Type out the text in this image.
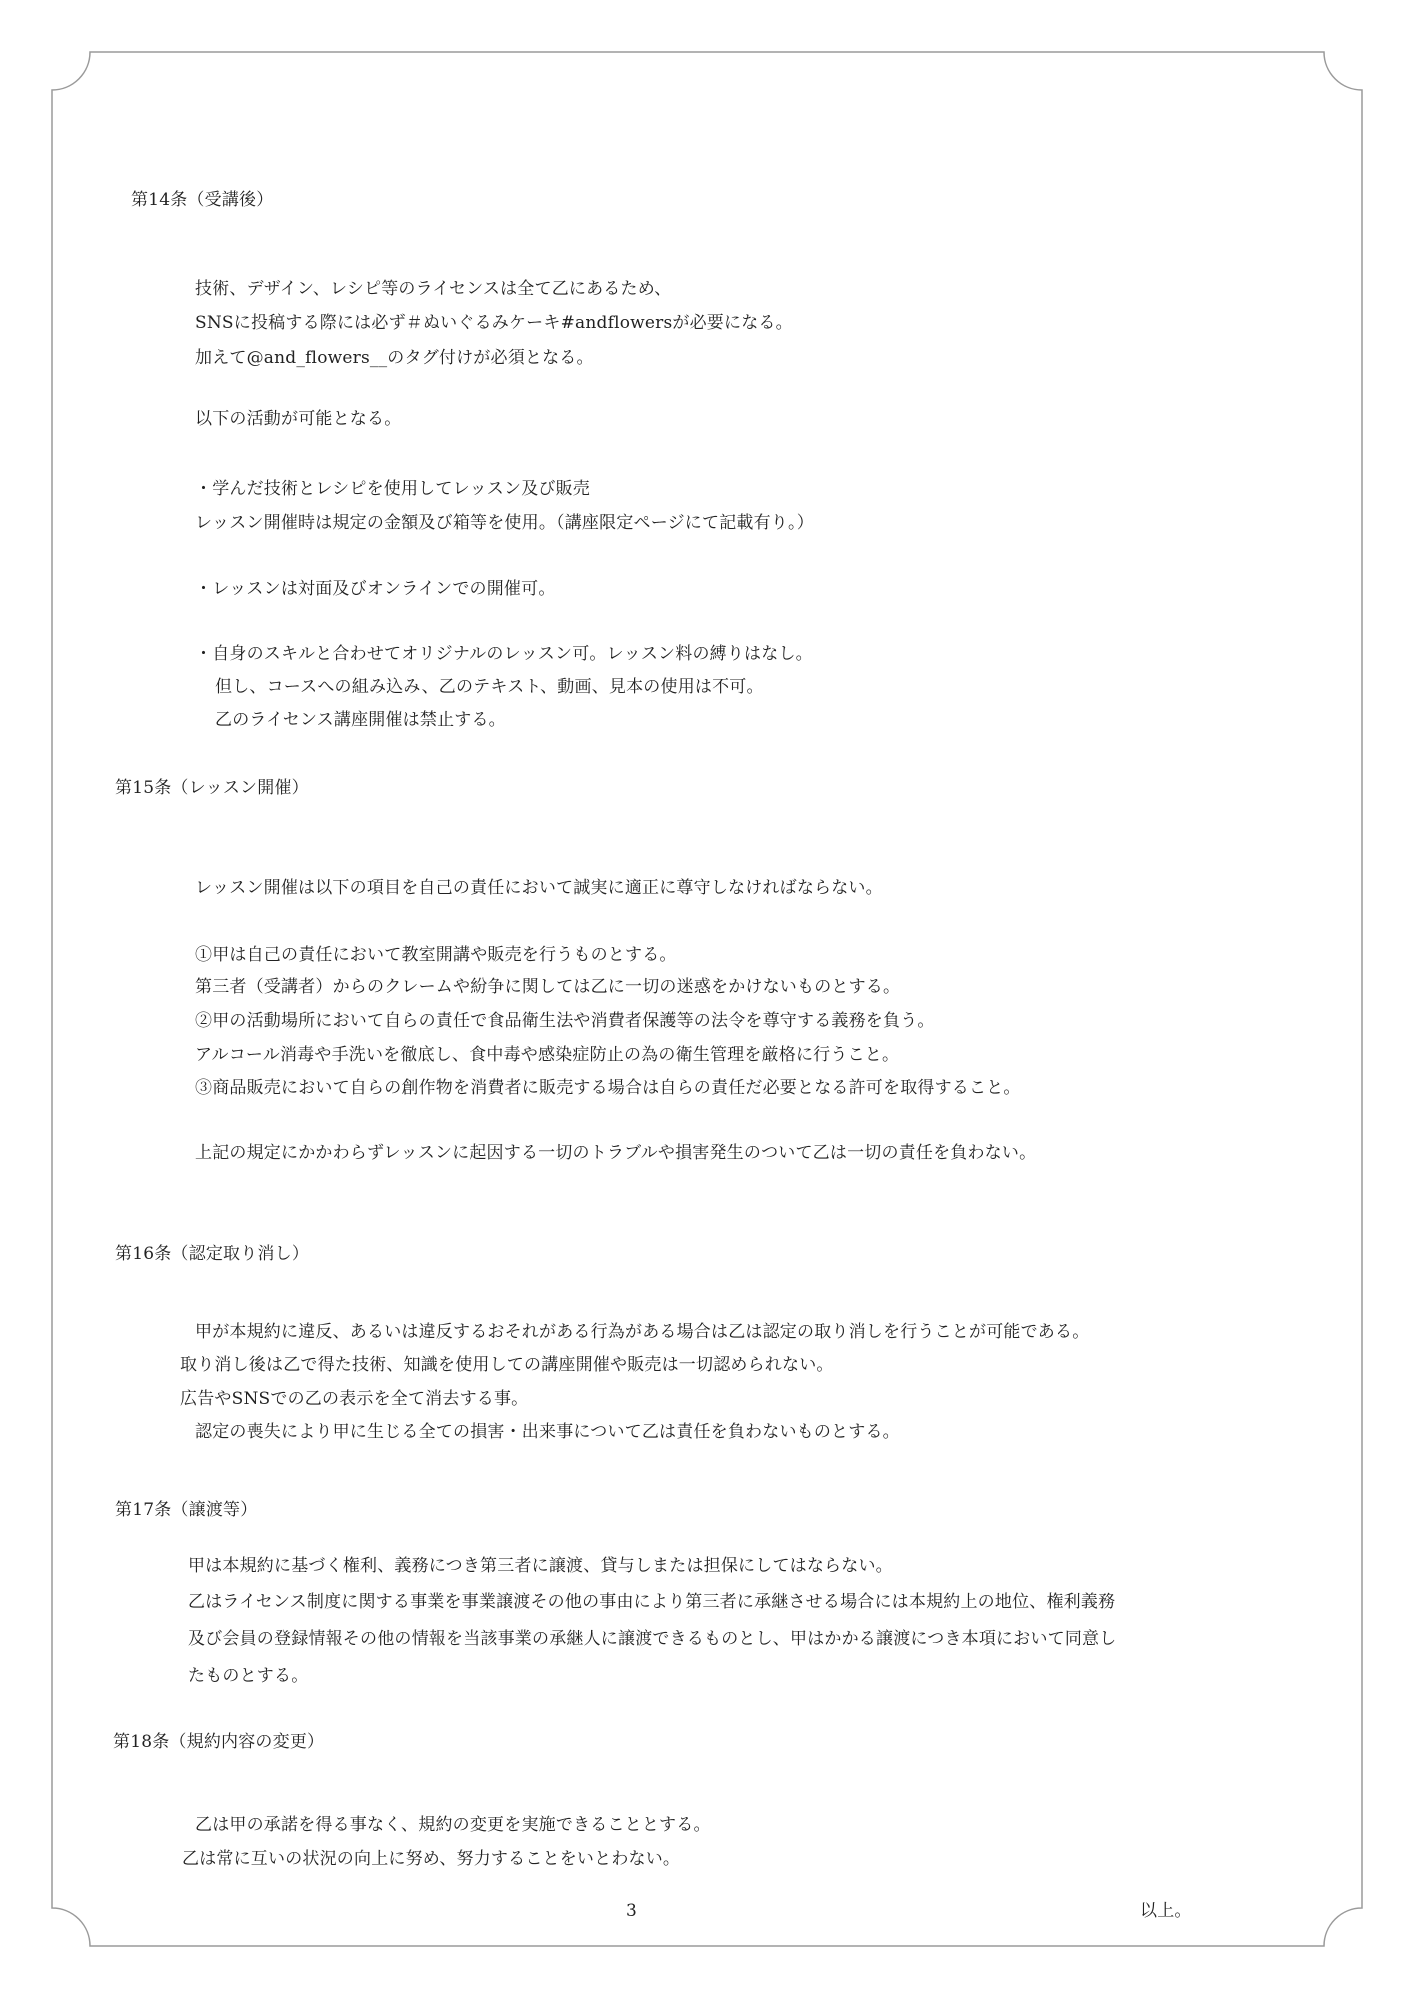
第14条（受講後）
技術、デザイン、レシピ等のライセンスは全て乙にあるため、
SNSに投稿する際には必ず＃ぬいぐるみケーキ#andflowersが必要になる。
加えて@and_flowers__のタグ付けが必須となる。
以下の活動が可能となる。
・学んだ技術とレシピを使用してレッスン及び販売
レッスン開催時は規定の金額及び箱等を使用。（講座限定ページにて記載有り。）
・レッスンは対面及びオンラインでの開催可。
・自身のスキルと合わせてオリジナルのレッスン可。レッスン料の縛りはなし。
但し、コースへの組み込み、乙のテキスト、動画、見本の使用は不可。
乙のライセンス講座開催は禁止する。
第15条（レッスン開催）
レッスン開催は以下の項目を自己の責任において誠実に適正に尊守しなければならない。
①甲は自己の責任において教室開講や販売を行うものとする。
第三者（受講者）からのクレームや紛争に関しては乙に一切の迷惑をかけないものとする。
②甲の活動場所において自らの責任で食品衛生法や消費者保護等の法令を尊守する義務を負う。
アルコール消毒や手洗いを徹底し、食中毒や感染症防止の為の衛生管理を厳格に行うこと。
③商品販売において自らの創作物を消費者に販売する場合は自らの責任だ必要となる許可を取得すること。
上記の規定にかかわらずレッスンに起因する一切のトラブルや損害発生のついて乙は一切の責任を負わない。
第16条（認定取り消し）
甲が本規約に違反、あるいは違反するおそれがある行為がある場合は乙は認定の取り消しを行うことが可能である。
取り消し後は乙で得た技術、知識を使用しての講座開催や販売は一切認められない。
広告やSNSでの乙の表示を全て消去する事。
認定の喪失により甲に生じる全ての損害・出来事について乙は責任を負わないものとする。
第17条（譲渡等）
甲は本規約に基づく権利、義務につき第三者に譲渡、貸与しまたは担保にしてはならない。
乙はライセンス制度に関する事業を事業譲渡その他の事由により第三者に承継させる場合には本規約上の地位、権利義務
及び会員の登録情報その他の情報を当該事業の承継人に譲渡できるものとし、甲はかかる譲渡につき本項において同意し
たものとする。
第18条（規約内容の変更）
乙は甲の承諾を得る事なく、規約の変更を実施できることとする。
乙は常に互いの状況の向上に努め、努力することをいとわない。
3	以上。
